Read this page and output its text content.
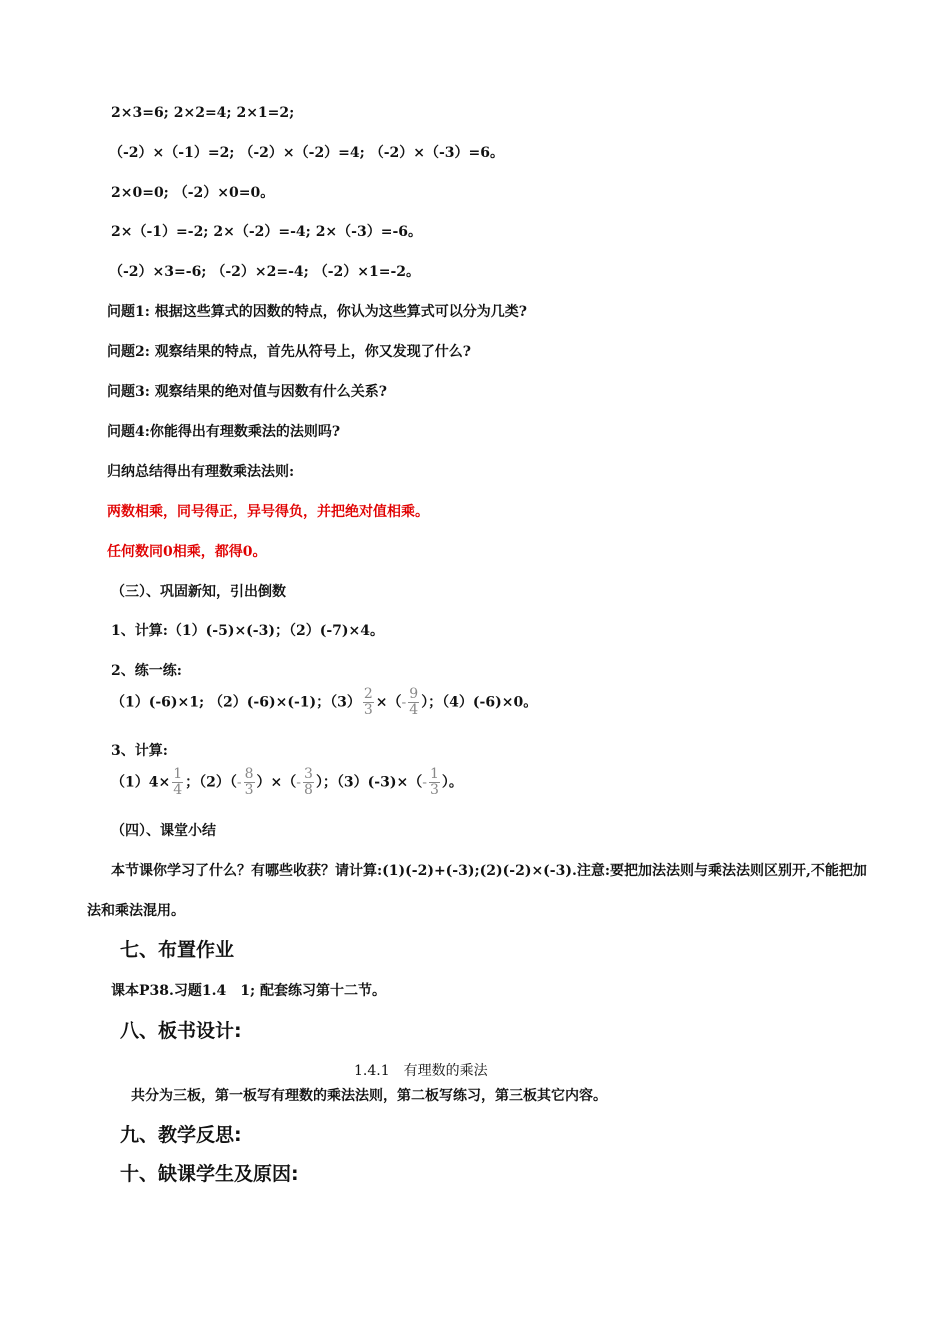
2×3=6; 2×2=4; 2×1=2;
（-2）×（-1）=2; （-2）×（-2）=4; （-2）×（-3）=6。
2×0=0; （-2）×0=0。
2×（-1）=-2; 2×（-2）=-4; 2×（-3）=-6。
（-2）×3=-6; （-2）×2=-4; （-2）×1=-2。
问题1: 根据这些算式的因数的特点，你认为这些算式可以分为几类?
问题2: 观察结果的特点，首先从符号上，你又发现了什么?
问题3: 观察结果的绝对值与因数有什么关系?
问题4:你能得出有理数乘法的法则吗?
归纳总结得出有理数乘法法则:
两数相乘，同号得正，异号得负，并把绝对值相乘。
任何数同0相乘，都得0。
（三）、巩固新知，引出倒数
1、计算:（1）(-5)×(-3)；（2）(-7)×4。
2、练一练:
（1）(-6)×1; （2）(-6)×(-1)；$(3) \frac{2}{3}$ ×（- $\frac{9}{4}$ ）；（4）(-6)×0。
3、计算:
$(1)4\times \frac{1}{4}$ ；$(2)(- \frac{8}{3}$ ）×（- $\frac{3}{8}$ ）；$(3)(-3)\times(- \frac{1}{3}$ ）。
（四）、课堂小结
本节课你学习了什么？有哪些收获？请计算:(1)(-2)+(-3);(2)(-2)×(-3).注意:要把加法法则与乘法法则区别开,不能把加
法和乘法混用。
七、布置作业
课本P38.习题1.4　1; 配套练习第十二节。
八、板书设计:
1.4.1　有理数的乘法
共分为三板，第一板写有理数的乘法法则，第二板写练习，第三板其它内容。
九、教学反思:
十、缺课学生及原因:
